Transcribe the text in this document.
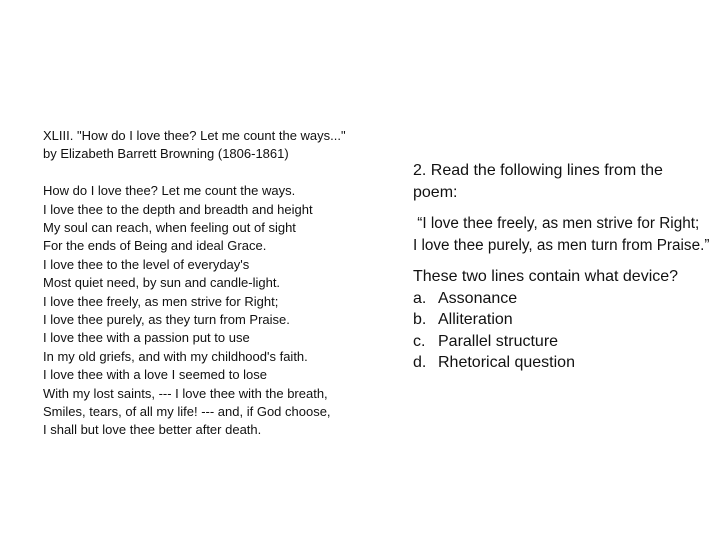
XLIII. "How do I love thee? Let me count the ways..."
by Elizabeth Barrett Browning (1806-1861)
How do I love thee? Let me count the ways.
I love thee to the depth and breadth and height
My soul can reach, when feeling out of sight
For the ends of Being and ideal Grace.
I love thee to the level of everyday's
Most quiet need, by sun and candle-light.
I love thee freely, as men strive for Right;
I love thee purely, as they turn from Praise.
I love thee with a passion put to use
In my old griefs, and with my childhood's faith.
I love thee with a love I seemed to lose
With my lost saints, --- I love thee with the breath,
Smiles, tears, of all my life! --- and, if God choose,
I shall but love thee better after death.
2. Read the following lines from the
poem:
“I love thee freely, as men strive for Right;
I love thee purely, as men turn from Praise.”
These two lines contain what device?
a. Assonance
b. Alliteration
c. Parallel structure
d. Rhetorical question
